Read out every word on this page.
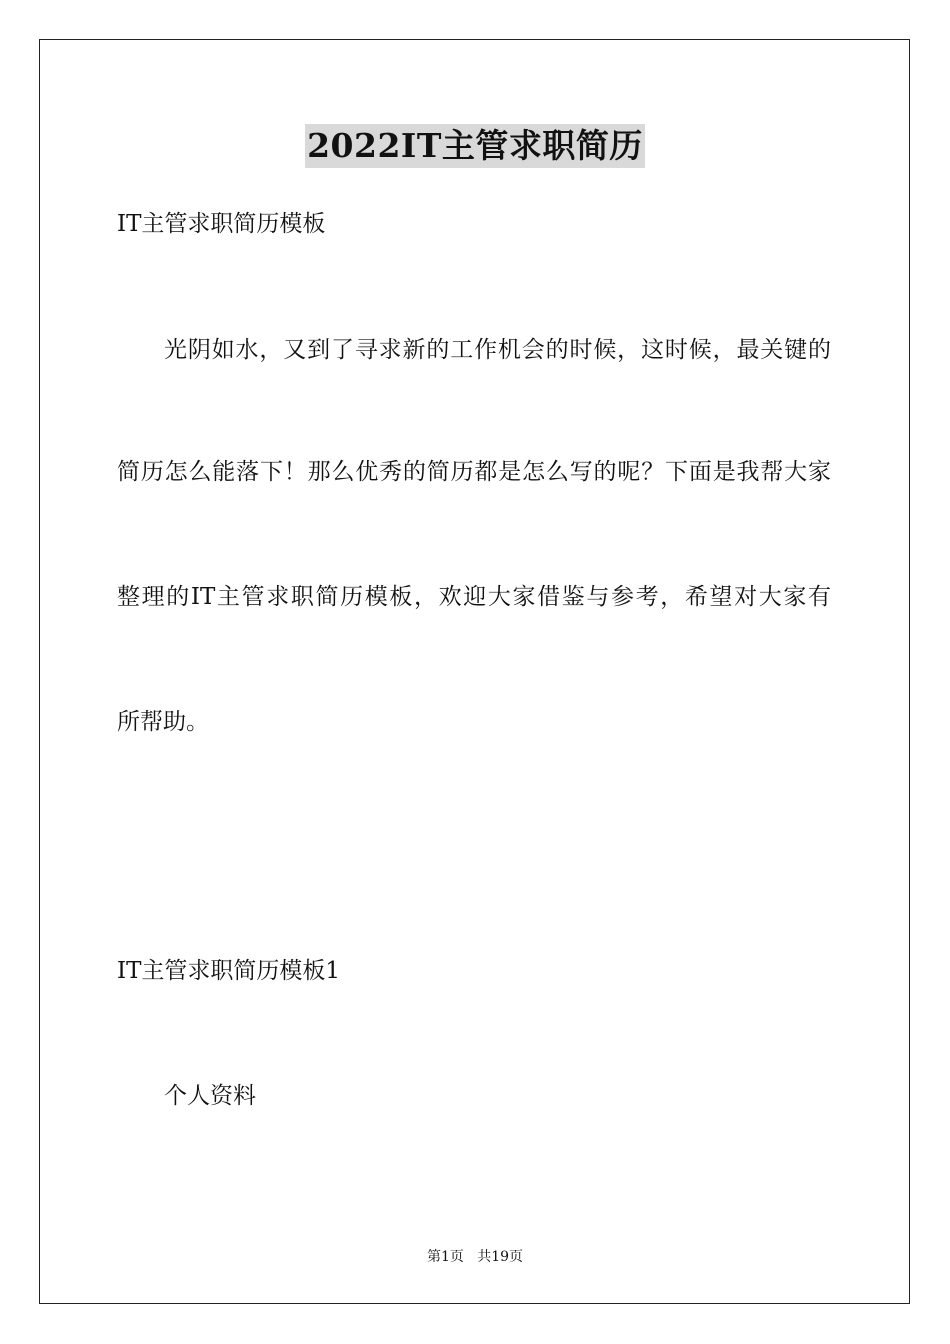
2022IT主管求职简历
IT主管求职简历模板
光阴如水，又到了寻求新的工作机会的时候，这时候，最关键的
简历怎么能落下！那么优秀的简历都是怎么写的呢？下面是我帮大家
整理的IT主管求职简历模板，欢迎大家借鉴与参考，希望对大家有
所帮助。
IT主管求职简历模板1
个人资料
第1页   共19页
